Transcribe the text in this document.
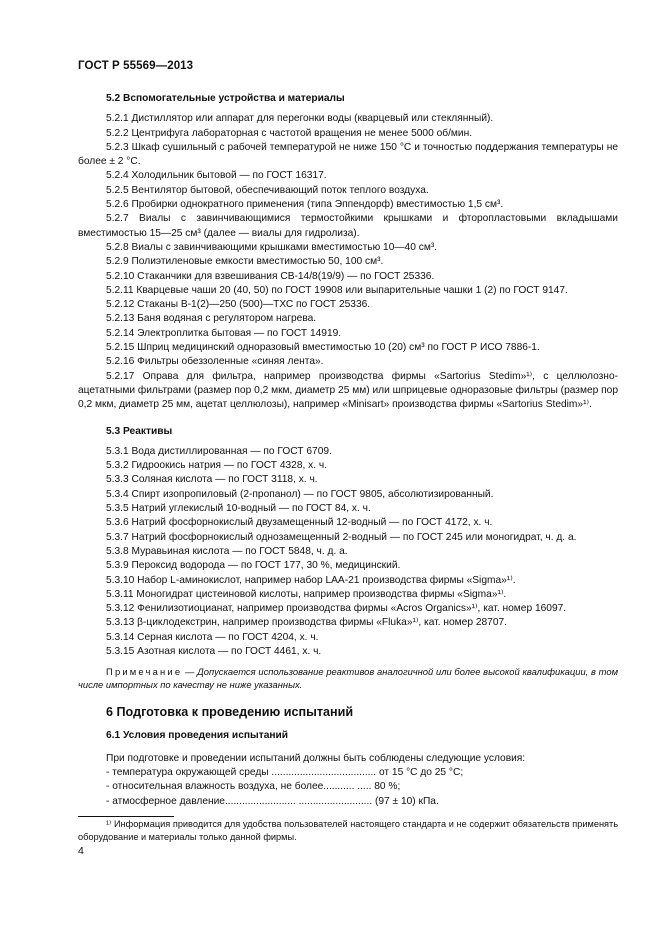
ГОСТ Р 55569—2013
5.2 Вспомогательные устройства и материалы

5.2.1 Дистиллятор или аппарат для перегонки воды (кварцевый или стеклянный).

5.2.2 Центрифуга лабораторная с частотой вращения не менее 5000 об/мин.

5.2.3 Шкаф сушильный с рабочей температурой не ниже 150 °С и точностью поддержания температуры не более ± 2 °С.

5.2.4 Холодильник бытовой — по ГОСТ 16317.

5.2.5 Вентилятор бытовой, обеспечивающий поток теплого воздуха.

5.2.6 Пробирки однократного применения (типа Эппендорф) вместимостью 1,5 см³.

5.2.7 Виалы с завинчивающимися термостойкими крышками и фторопластовыми вкладышами вместимостью 15—25 см³ (далее — виалы для гидролиза).

5.2.8 Виалы с завинчивающими крышками вместимостью 10—40 см³.

5.2.9 Полиэтиленовые емкости вместимостью 50, 100 см³.

5.2.10 Стаканчики для взвешивания СВ-14/8(19/9) — по ГОСТ 25336.

5.2.11 Кварцевые чаши 20 (40, 50) по ГОСТ 19908 или выпарительные чашки 1 (2) по ГОСТ 9147.

5.2.12 Стаканы В-1(2)—250 (500)—ТХС по ГОСТ 25336.

5.2.13 Баня водяная с регулятором нагрева.

5.2.14 Электроплитка бытовая — по ГОСТ 14919.

5.2.15 Шприц медицинский одноразовый вместимостью 10 (20) см³ по ГОСТ Р ИСО 7886-1.

5.2.16 Фильтры обеззоленные «синяя лента».

5.2.17 Оправа для фильтра, например производства фирмы «Sartorius Stedim»¹⁾, с целлюлозно-ацетатными фильтрами (размер пор 0,2 мкм, диаметр 25 мм) или шприцевые одноразовые фильтры (размер пор 0,2 мкм, диаметр 25 мм, ацетат целлюлозы), например «Minisart» производства фирмы «Sartorius Stedim»¹⁾.

5.3 Реактивы

5.3.1 Вода дистиллированная — по ГОСТ 6709.

5.3.2 Гидроокись натрия — по ГОСТ 4328, х. ч.

5.3.3 Соляная кислота — по ГОСТ 3118, х. ч.

5.3.4 Спирт изопропиловый (2-пропанол) — по ГОСТ 9805, абсолютизированный.

5.3.5 Натрий углекислый 10-водный — по ГОСТ 84, х. ч.

5.3.6 Натрий фосфорнокислый двузамещенный 12-водный — по ГОСТ 4172, х. ч.

5.3.7 Натрий фосфорнокислый однозамещенный 2-водный — по ГОСТ 245 или моногидрат, ч. д. а.

5.3.8 Муравьиная кислота — по ГОСТ 5848, ч. д. а.

5.3.9 Пероксид водорода — по ГОСТ 177, 30 %, медицинский.

5.3.10 Набор L-аминокислот, например набор LAA-21 производства фирмы «Sigma»¹⁾.

5.3.11 Моногидрат цистеиновой кислоты, например производства фирмы «Sigma»¹⁾.

5.3.12 Фенилизотиоцианат, например производства фирмы «Acros Organics»¹⁾, кат. номер 16097.

5.3.13 β-циклодекстрин, например производства фирмы «Fluka»¹⁾, кат. номер 28707.

5.3.14 Серная кислота — по ГОСТ 4204, х. ч.

5.3.15 Азотная кислота — по ГОСТ 4461, х. ч.

Примечание — Допускается использование реактивов аналогичной или более высокой квалификации, в том числе импортных по качеству не ниже указанных.

6 Подготовка к проведению испытаний
6.1 Условия проведения испытаний

При подготовке и проведении испытаний должны быть соблюдены следующие условия:

- температура окружающей среды ..................................... от 15 °С до 25 °С;
- относительная влажность воздуха, не более........... ..... 80 %;
- атмосферное давление......................... .......................... (97 ± 10) кПа.

¹⁾ Информация приводится для удобства пользователей настоящего стандарта и не содержит обязательств применять оборудование и материалы только данной фирмы.

4
